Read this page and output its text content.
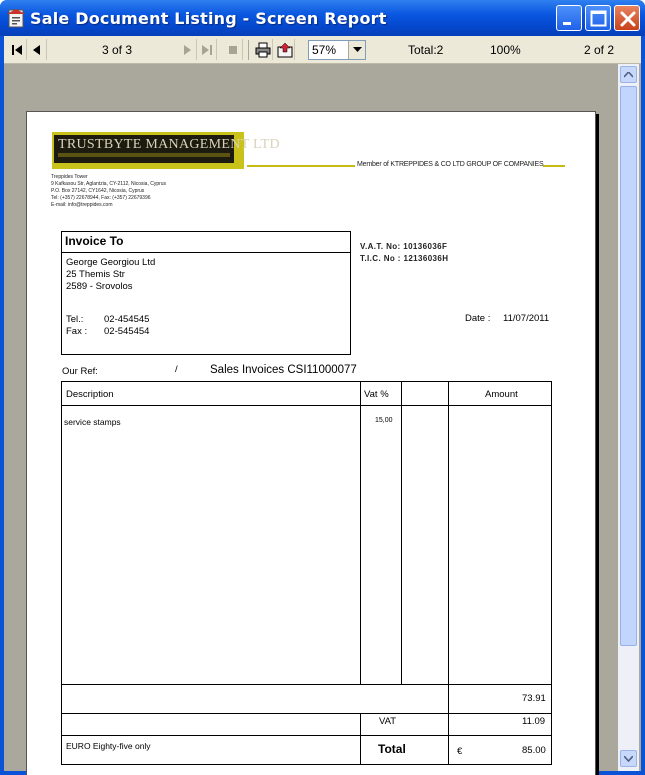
Sale Document Listing - Screen Report
3 of 3	57%	Total:2	100%	2 of 2
TRUSTBYTE MANAGEMENT LTD
Member of KTREPPIDES & CO LTD GROUP OF COMPANIES
Treppides Tower
9 Kafkasou Str, Aglantzia, CY-2112, Nicosia, Cyprus
P.O. Box 27142, CY1642, Nicosia, Cyprus
Tel: (+357) 22678944, Fax: (+357) 22679396
E-mail: info@treppides.com
Invoice To
George Georgiou Ltd
25 Themis Str
2589 - Srovolos
Tel.: 02-454545
Fax : 02-545454
V.A.T. No: 10136036F
T.I.C. No : 12136036H
Date : 11/07/2011
Our Ref:	/	Sales Invoices CSI11000077
Description	Vat %	Amount
service stamps	15,00
73.91
VAT	11.09
EURO Eighty-five only	Total	€	85.00
